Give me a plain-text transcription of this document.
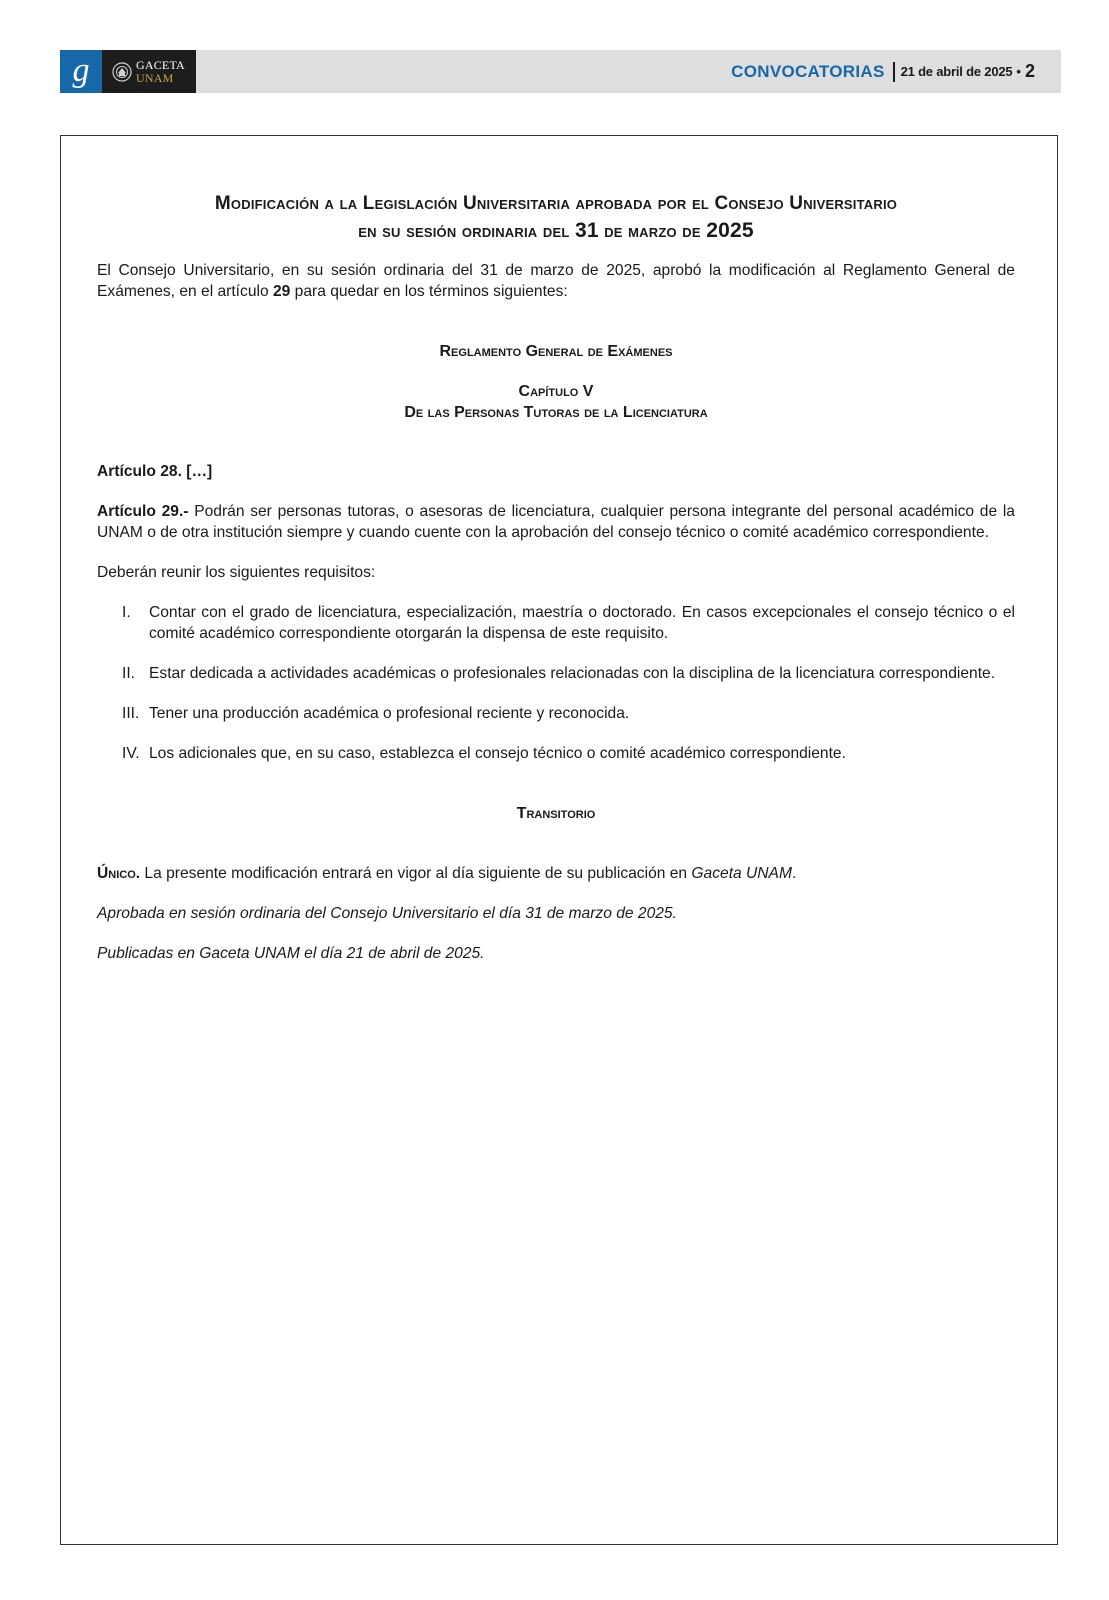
g	GACETA
UNAM	CONVOCATORIAS 21 de abril de 2025 • 2
Modificación a la Legislación Universitaria aprobada por el Consejo Universitario
en su sesión ordinaria del 31 de marzo de 2025

El Consejo Universitario, en su sesión ordinaria del 31 de marzo de 2025, aprobó la modificación al Reglamento General de Exámenes, en el artículo 29 para quedar en los términos siguientes:

Reglamento General de Exámenes
Capítulo V
De las Personas Tutoras de la Licenciatura

Artículo 28. […]

Artículo 29.- Podrán ser personas tutoras, o asesoras de licenciatura, cualquier persona integrante del personal académico de la UNAM o de otra institución siempre y cuando cuente con la aprobación del consejo técnico o comité académico correspondiente.

Deberán reunir los siguientes requisitos:

I.	Contar con el grado de licenciatura, especialización, maestría o doctorado. En casos excepcionales el consejo técnico o el comité académico correspondiente otorgarán la dispensa de este requisito.
II. Estar dedicada a actividades académicas o profesionales relacionadas con la disciplina de la licenciatura correspondiente.
III. Tener una producción académica o profesional reciente y reconocida.
IV. Los adicionales que, en su caso, establezca el consejo técnico o comité académico correspondiente.
Transitorio

Único. La presente modificación entrará en vigor al día siguiente de su publicación en Gaceta UNAM.

Aprobada en sesión ordinaria del Consejo Universitario el día 31 de marzo de 2025.

Publicadas en Gaceta UNAM el día 21 de abril de 2025.
